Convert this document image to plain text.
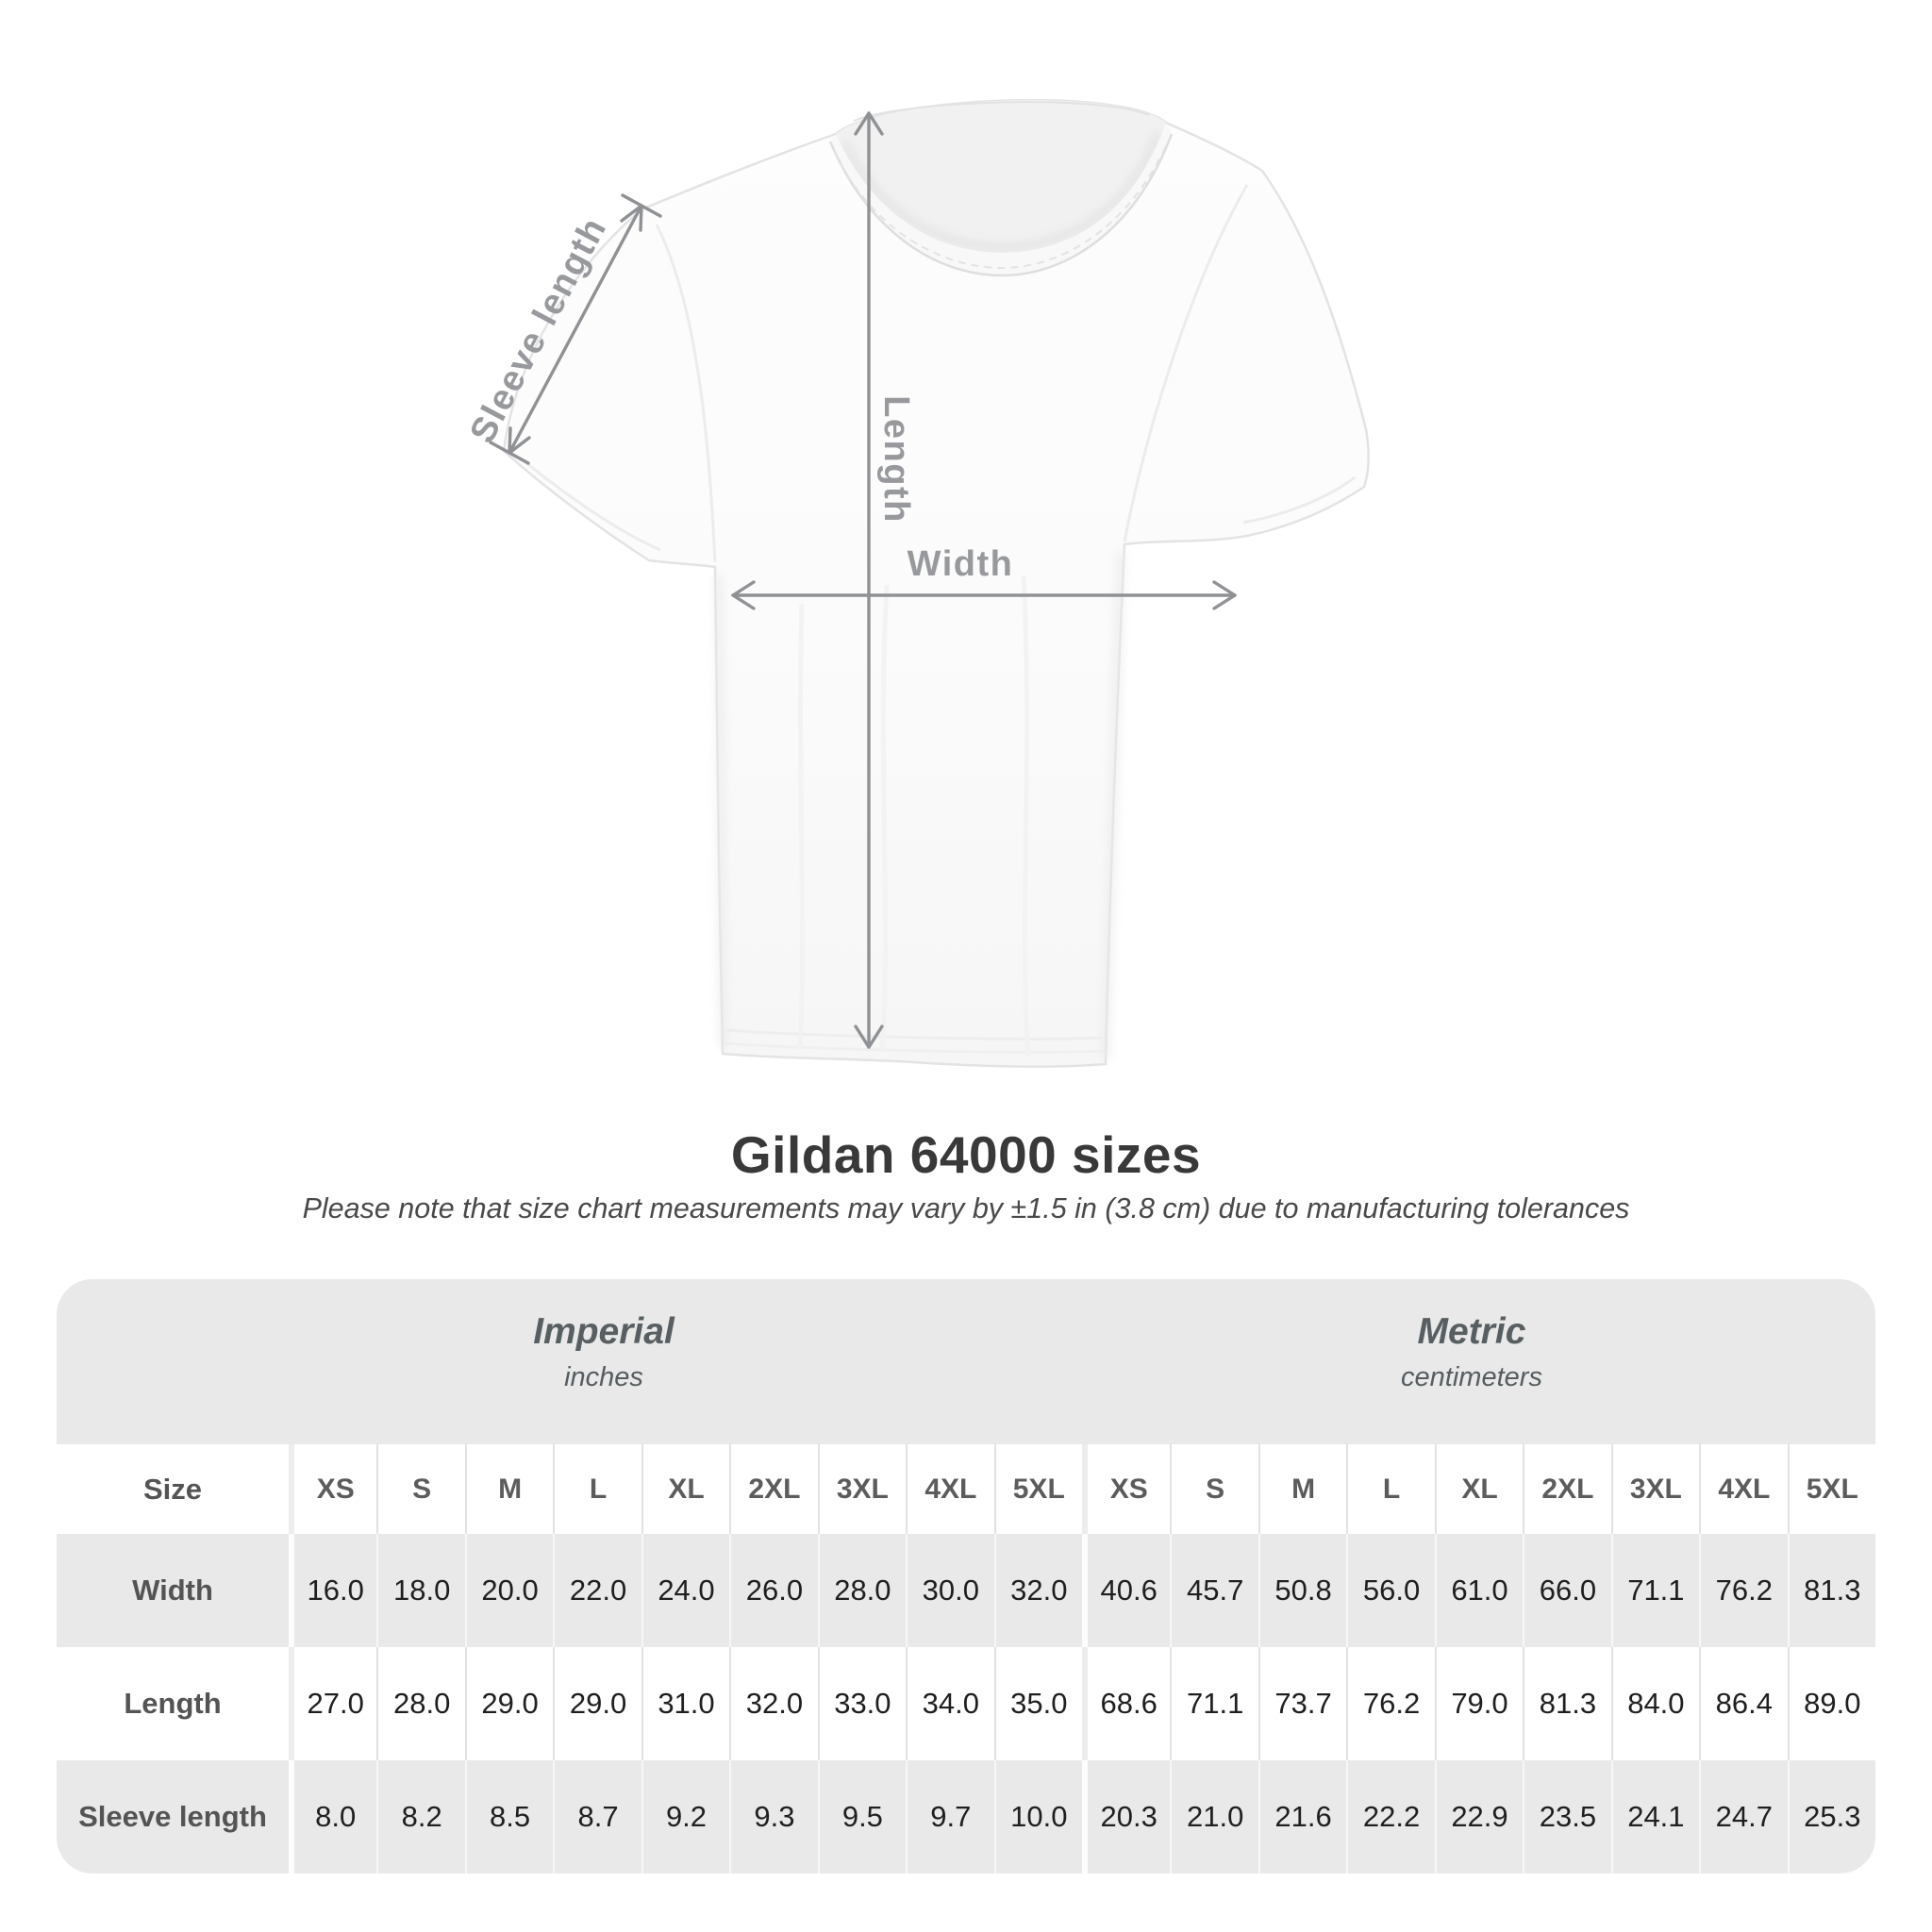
Length
Width
Sleeve length
Gildan 64000 sizes
Please note that size chart measurements may vary by ±1.5 in (3.8 cm) due to manufacturing tolerances
Imperial
inches
Metric
centimeters
Size	XS	S	M	L	XL	2XL	3XL	4XL	5XL	XS	S	M	L	XL	2XL	3XL	4XL	5XL
Width	16.0	18.0	20.0	22.0	24.0	26.0	28.0	30.0	32.0	40.6	45.7	50.8	56.0	61.0	66.0	71.1	76.2	81.3
Length	27.0	28.0	29.0	29.0	31.0	32.0	33.0	34.0	35.0	68.6	71.1	73.7	76.2	79.0	81.3	84.0	86.4	89.0
Sleeve length	8.0	8.2	8.5	8.7	9.2	9.3	9.5	9.7	10.0	20.3	21.0	21.6	22.2	22.9	23.5	24.1	24.7	25.3
